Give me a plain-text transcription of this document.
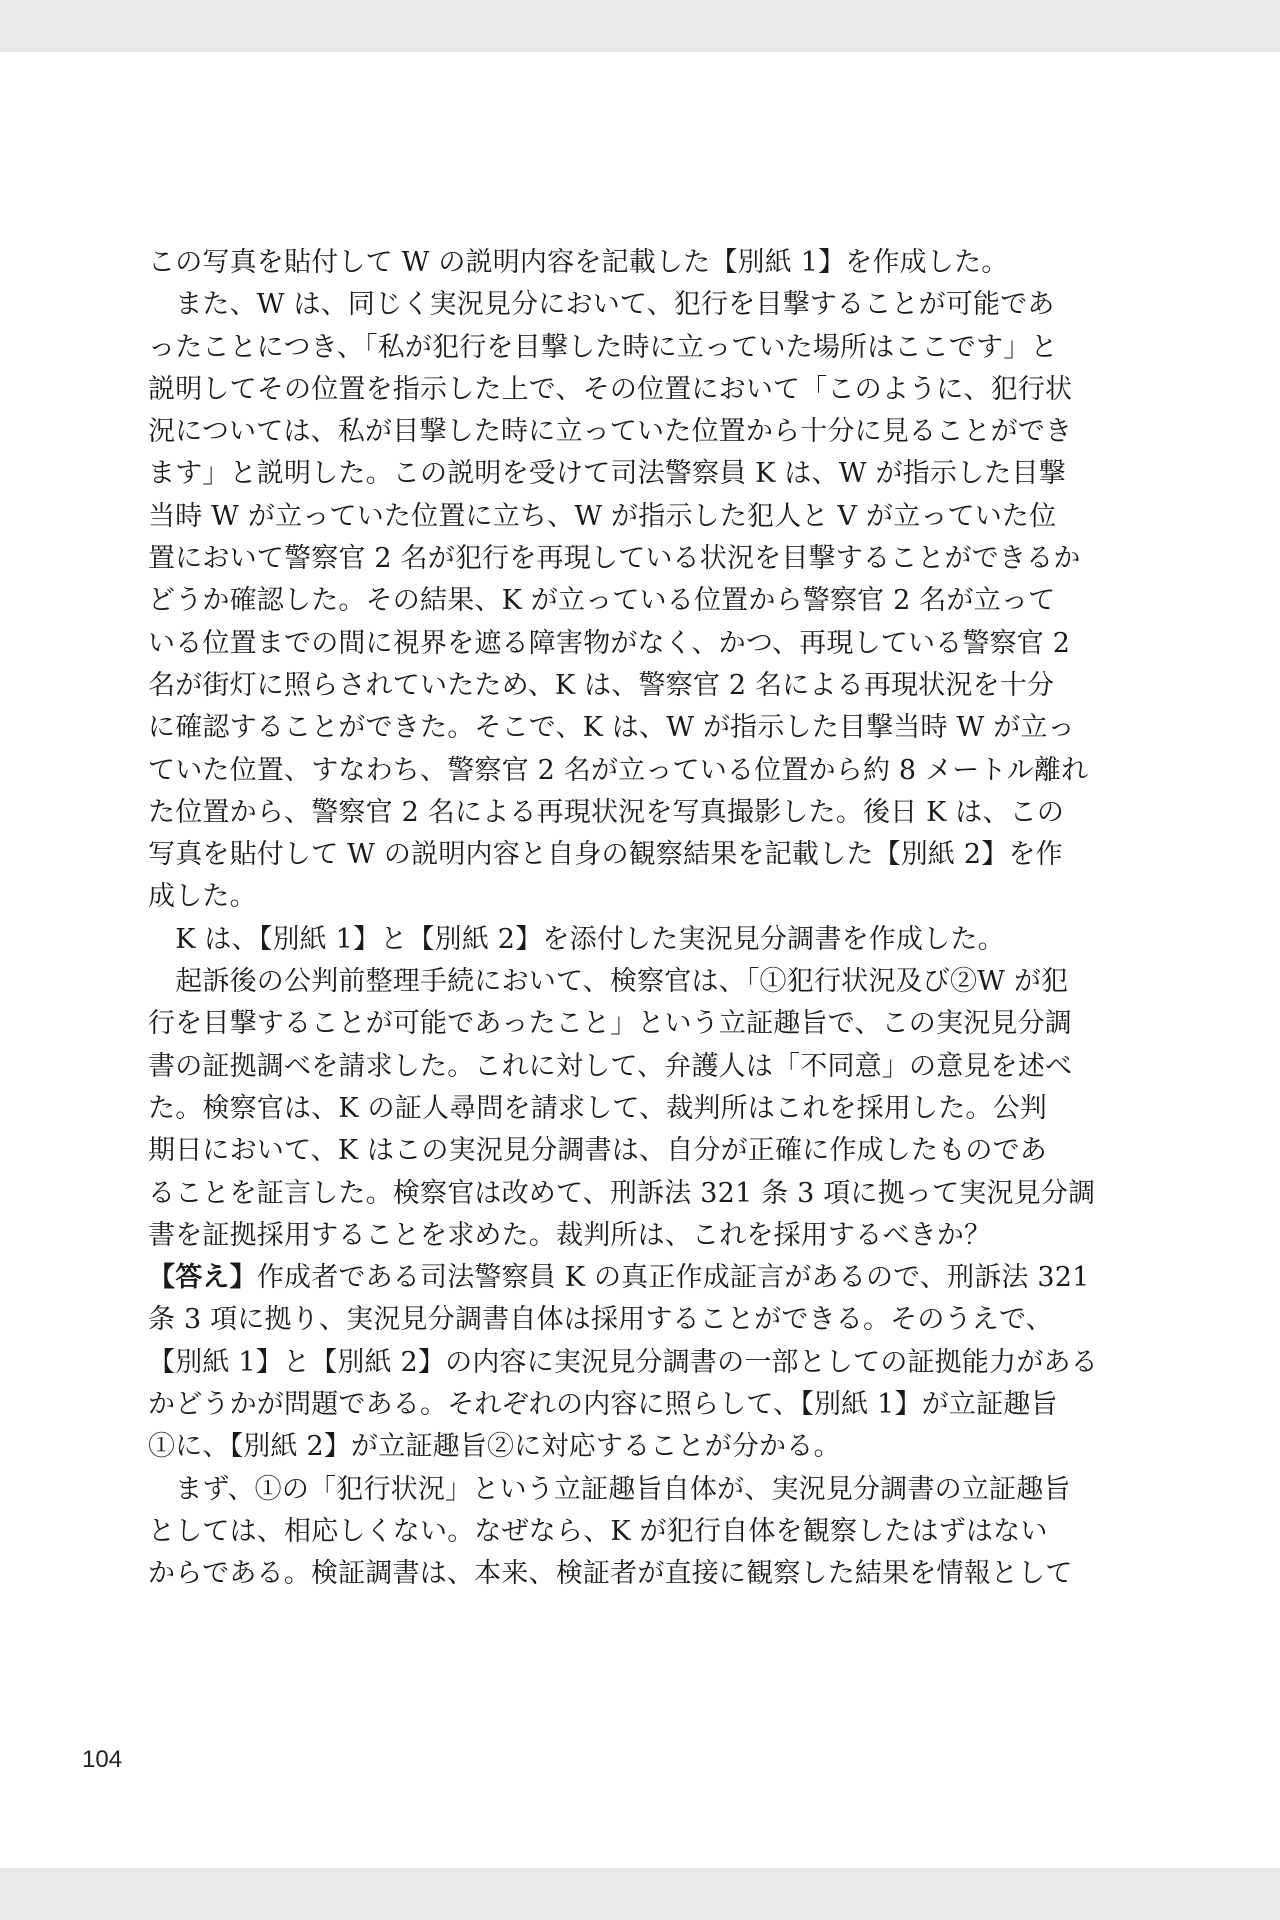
この写真を貼付して W の説明内容を記載した【別紙 1】を作成した。
　また、W は、同じく実況見分において、犯行を目撃することが可能であ
ったことにつき、「私が犯行を目撃した時に立っていた場所はここです」と
説明してその位置を指示した上で、その位置において「このように、犯行状
況については、私が目撃した時に立っていた位置から十分に見ることができ
ます」と説明した。この説明を受けて司法警察員 K は、W が指示した目撃
当時 W が立っていた位置に立ち、W が指示した犯人と V が立っていた位
置において警察官 2 名が犯行を再現している状況を目撃することができるか
どうか確認した。その結果、K が立っている位置から警察官 2 名が立って
いる位置までの間に視界を遮る障害物がなく、かつ、再現している警察官 2
名が街灯に照らされていたため、K は、警察官 2 名による再現状況を十分
に確認することができた。そこで、K は、W が指示した目撃当時 W が立っ
ていた位置、すなわち、警察官 2 名が立っている位置から約 8 メートル離れ
た位置から、警察官 2 名による再現状況を写真撮影した。後日 K は、この
写真を貼付して W の説明内容と自身の観察結果を記載した【別紙 2】を作
成した。
　K は、【別紙 1】と【別紙 2】を添付した実況見分調書を作成した。
　起訴後の公判前整理手続において、検察官は、「①犯行状況及び②W が犯
行を目撃することが可能であったこと」という立証趣旨で、この実況見分調
書の証拠調べを請求した。これに対して、弁護人は「不同意」の意見を述べ
た。検察官は、K の証人尋問を請求して、裁判所はこれを採用した。公判
期日において、K はこの実況見分調書は、自分が正確に作成したものであ
ることを証言した。検察官は改めて、刑訴法 321 条 3 項に拠って実況見分調
書を証拠採用することを求めた。裁判所は、これを採用するべきか？
【答え】作成者である司法警察員 K の真正作成証言があるので、刑訴法 321
条 3 項に拠り、実況見分調書自体は採用することができる。そのうえで、
【別紙 1】と【別紙 2】の内容に実況見分調書の一部としての証拠能力がある
かどうかが問題である。それぞれの内容に照らして、【別紙 1】が立証趣旨
①に、【別紙 2】が立証趣旨②に対応することが分かる。
　まず、①の「犯行状況」という立証趣旨自体が、実況見分調書の立証趣旨
としては、相応しくない。なぜなら、K が犯行自体を観察したはずはない
からである。検証調書は、本来、検証者が直接に観察した結果を情報として
104
